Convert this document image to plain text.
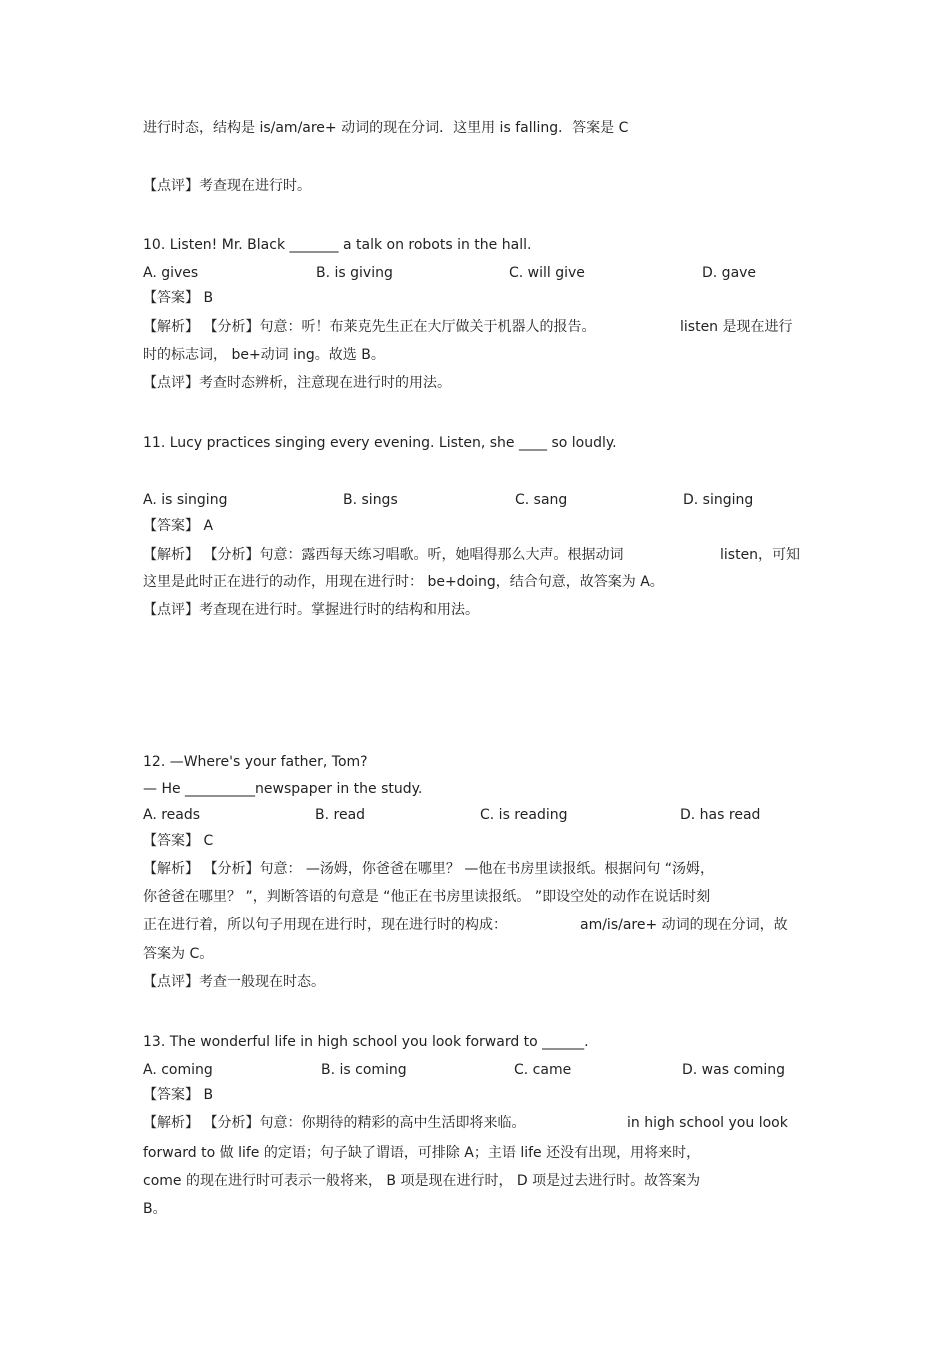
进行时态，结构是 is/am/are+ 动词的现在分词．这里用 is falling．答案是 C
【点评】考查现在进行时。
10. Listen! Mr. Black _______ a talk on robots in the hall.
A. gives	B. is giving	C. will give	D. gave
【答案】 B
【解析】 【分析】句意：听！布莱克先生正在大厅做关于机器人的报告。	listen 是现在进行
时的标志词， be+动词 ing。故选 B。
【点评】考查时态辨析，注意现在进行时的用法。
11. Lucy practices singing every evening. Listen, she ____ so loudly.
A. is singing	B. sings	C. sang	D. singing
【答案】 A
【解析】 【分析】句意：露西每天练习唱歌。听，她唱得那么大声。根据动词	listen，可知
这里是此时正在进行的动作，用现在进行时： be+doing，结合句意，故答案为 A。
【点评】考查现在进行时。掌握进行时的结构和用法。
12. —Where's your father, Tom?
— He __________newspaper in the study.
A. reads	B. read	C. is reading	D. has read
【答案】 C
【解析】 【分析】句意： —汤姆，你爸爸在哪里？ —他在书房里读报纸。根据问句 “汤姆，
你爸爸在哪里？ ”，判断答语的句意是 “他正在书房里读报纸。 ”即设空处的动作在说话时刻
正在进行着，所以句子用现在进行时，现在进行时的构成：	am/is/are+ 动词的现在分词，故
答案为 C。
【点评】考查一般现在时态。
13. The wonderful life in high school you look forward to ______.
A. coming	B. is coming	C. came	D. was coming
【答案】 B
【解析】 【分析】句意：你期待的精彩的高中生活即将来临。	in high school you look
forward to 做 life 的定语；句子缺了谓语，可排除 A；主语 life 还没有出现，用将来时，
come 的现在进行时可表示一般将来， B 项是现在进行时， D 项是过去进行时。故答案为
B。
